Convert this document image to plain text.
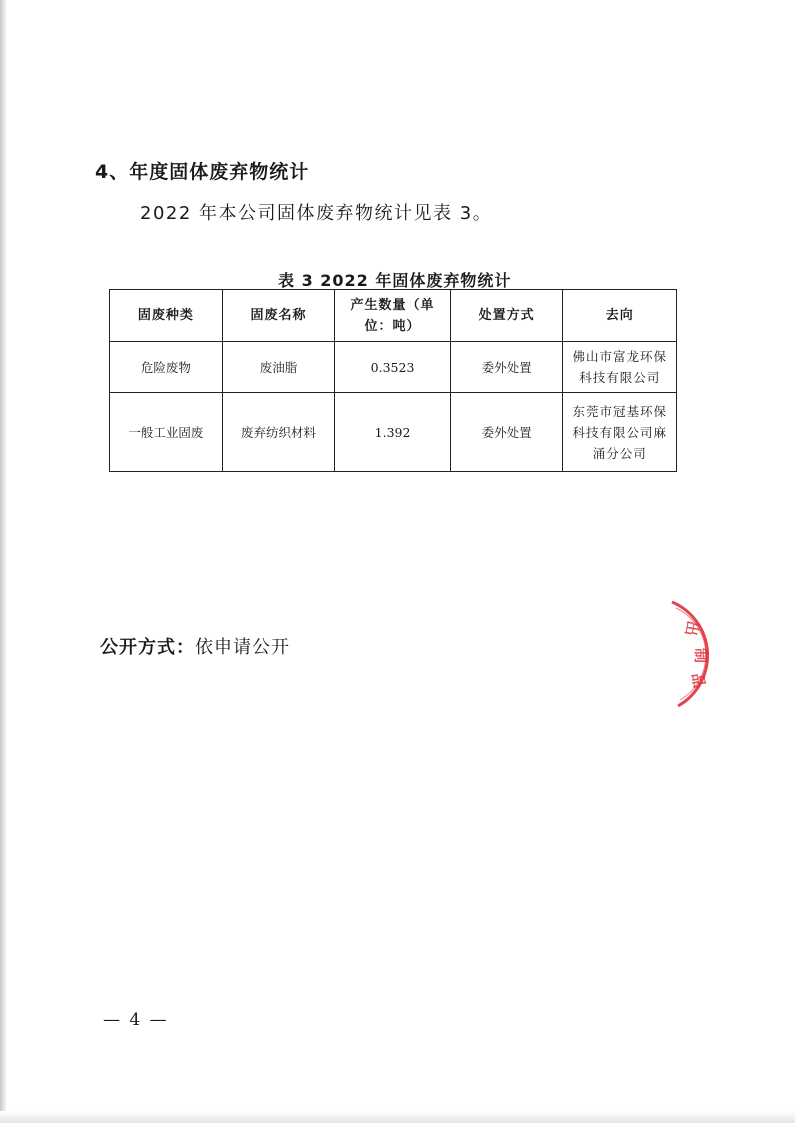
4、年度固体废弃物统计
2022 年本公司固体废弃物统计见表 3。
表 3 2022 年固体废弃物统计
固废种类	固废名称	产生数量（单位：吨）	处置方式	去向
危险废物	废油脂	0.3523	委外处置	佛山市富龙环保科技有限公司
一般工业固废	废弃纺织材料	1.392	委外处置	东莞市冠基环保科技有限公司麻涌分公司
公开方式：依申请公开
出
制
品
— 4 —
